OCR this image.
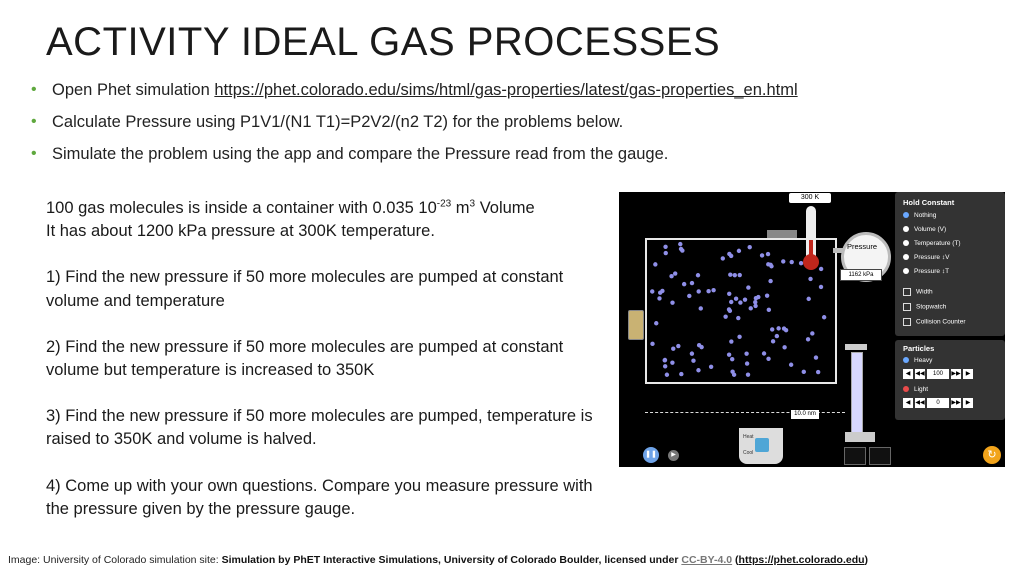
ACTIVITY IDEAL GAS PROCESSES
• Open Phet simulation https://phet.colorado.edu/sims/html/gas-properties/latest/gas-properties_en.html
• Calculate Pressure using P1V1/(N1 T1)=P2V2/(n2 T2) for the problems below.
• Simulate the problem using the app and compare the Pressure read from the gauge.

100 gas molecules is inside a container with 0.035 $10^{-23}$ $m^3$ Volume
It has about 1200 kPa pressure at 300K temperature.

1) Find the new pressure if 50 more molecules are pumped at constant volume and temperature

2) Find the new pressure if 50 more molecules are pumped at constant volume but temperature is increased to 350K

3) Find the new pressure if 50 more molecules are pumped, temperature is raised to 350K and volume is halved.

4) Come up with your own questions. Compare you measure pressure with the pressure given by the pressure gauge.

300 K
Pressure
1162 kPa
10.0 nm
Heat
Cool
Hold Constant
Nothing
Volume (V)
Temperature (T)
Pressure ↕V
Pressure ↕T
Width
Stopwatch
Collision Counter
Particles
Heavy
◀ ◀◀ 100 ▶▶ ▶
Light
◀ ◀◀ 0 ▶▶ ▶
❚❚	▶	↻
Image: University of Colorado simulation site: Simulation by PhET Interactive Simulations, University of Colorado Boulder, licensed under CC-BY-4.0 (https://phet.colorado.edu)
